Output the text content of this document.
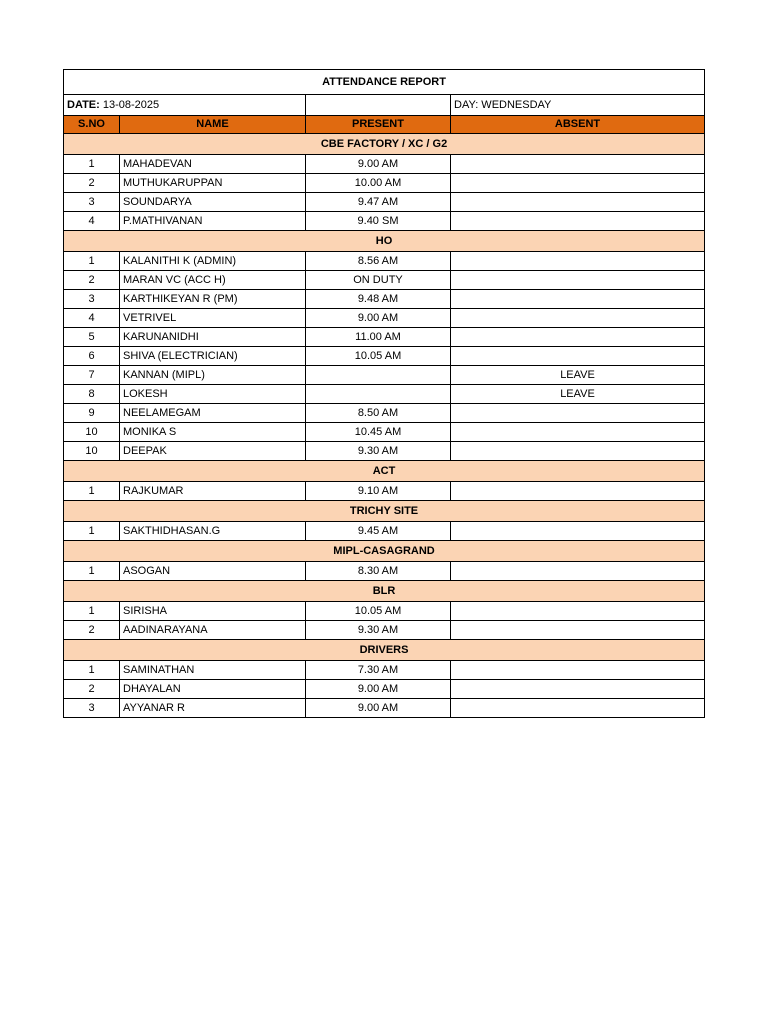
ATTENDANCE REPORT			
DATE: 13-08-2025			DAY: WEDNESDAY
S.NO	NAME	PRESENT	ABSENT
CBE FACTORY / XC / G2			
1	MAHADEVAN	9.00 AM	
2	MUTHUKARUPPAN	10.00 AM	
3	SOUNDARYA	9.47 AM	
4	P.MATHIVANAN	9.40 SM	
HO			
1	KALANITHI K (ADMIN)	8.56 AM	
2	MARAN VC (ACC H)	ON DUTY	
3	KARTHIKEYAN R (PM)	9.48 AM	
4	VETRIVEL	9.00 AM	
5	KARUNANIDHI	11.00 AM	
6	SHIVA (ELECTRICIAN)	10.05 AM	
7	KANNAN (MIPL)		LEAVE
8	LOKESH		LEAVE
9	NEELAMEGAM	8.50 AM	
10	MONIKA S	10.45 AM	
10	DEEPAK	9.30 AM	
ACT			
1	RAJKUMAR	9.10 AM	
TRICHY SITE			
1	SAKTHIDHASAN.G	9.45 AM	
MIPL-CASAGRAND			
1	ASOGAN	8.30 AM	
BLR			
1	SIRISHA	10.05 AM	
2	AADINARAYANA	9.30 AM	
DRIVERS			
1	SAMINATHAN	7.30 AM	
2	DHAYALAN	9.00 AM	
3	AYYANAR R	9.00 AM	
